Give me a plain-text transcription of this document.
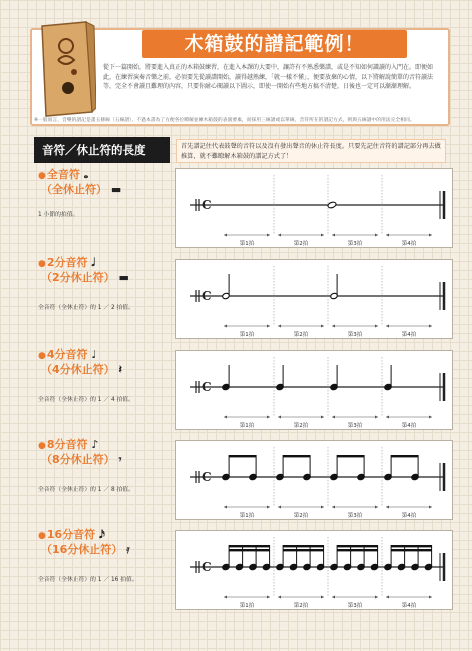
木箱鼓的譜記範例！
從下一篇開始，將要進入真正的木箱鼓練習，在進入本課的大要中，讓許有不熟悉樂譜，或是不知如何識讀的入門在。即便如此，在練習演奏音樂之前，必須要先從讀譜開始，讀得越熟練，「就一樣不懂」，便要放棄的心情，以下將解說簡單的音符讀法等，完全不會讀且難理的內容，只要你耐心閱讀以下圖示，即使一開始有些地方搞不清楚，日後也一定可以漸漸理解。
※一般而言，音樂的譜記是畫五條線（五線譜），不過本書為了方便各位瞭解並練木箱鼓的表演要素，而採用三線譜或以單線，音符所在的譜記方式，則與五線譜中的用法完全相同。
音符／休止符的長度	首先譜記住代表鼓聲的音符以及沒有發出聲音的休止符長度。只要先記住音符的譜記部分再去做推算，就不難瞭解木箱鼓的譜記方式了！
●全音符 𝅝
（全休止符） ▬
1 小節的拍值。
C
第1拍	第2拍	第3拍	第4拍
●2分音符 𝅗𝅥
（2分休止符） ▬
全音符（全休止符）的 1 ／ 2 拍值。
C
第1拍	第2拍	第3拍	第4拍
●4分音符 ♩
（4分休止符） 𝄽
全音符（全休止符）的 1 ／ 4 拍值。
C
第1拍	第2拍	第3拍	第4拍
●8分音符 ♪
（8分休止符） 𝄾
全音符（全休止符）的 1 ／ 8 拍值。
C
第1拍	第2拍	第3拍	第4拍
●16分音符 𝅘𝅥𝅯
（16分休止符） 𝄿
全音符（全休止符）的 1 ／ 16 拍值。
C
第1拍	第2拍	第3拍	第4拍
